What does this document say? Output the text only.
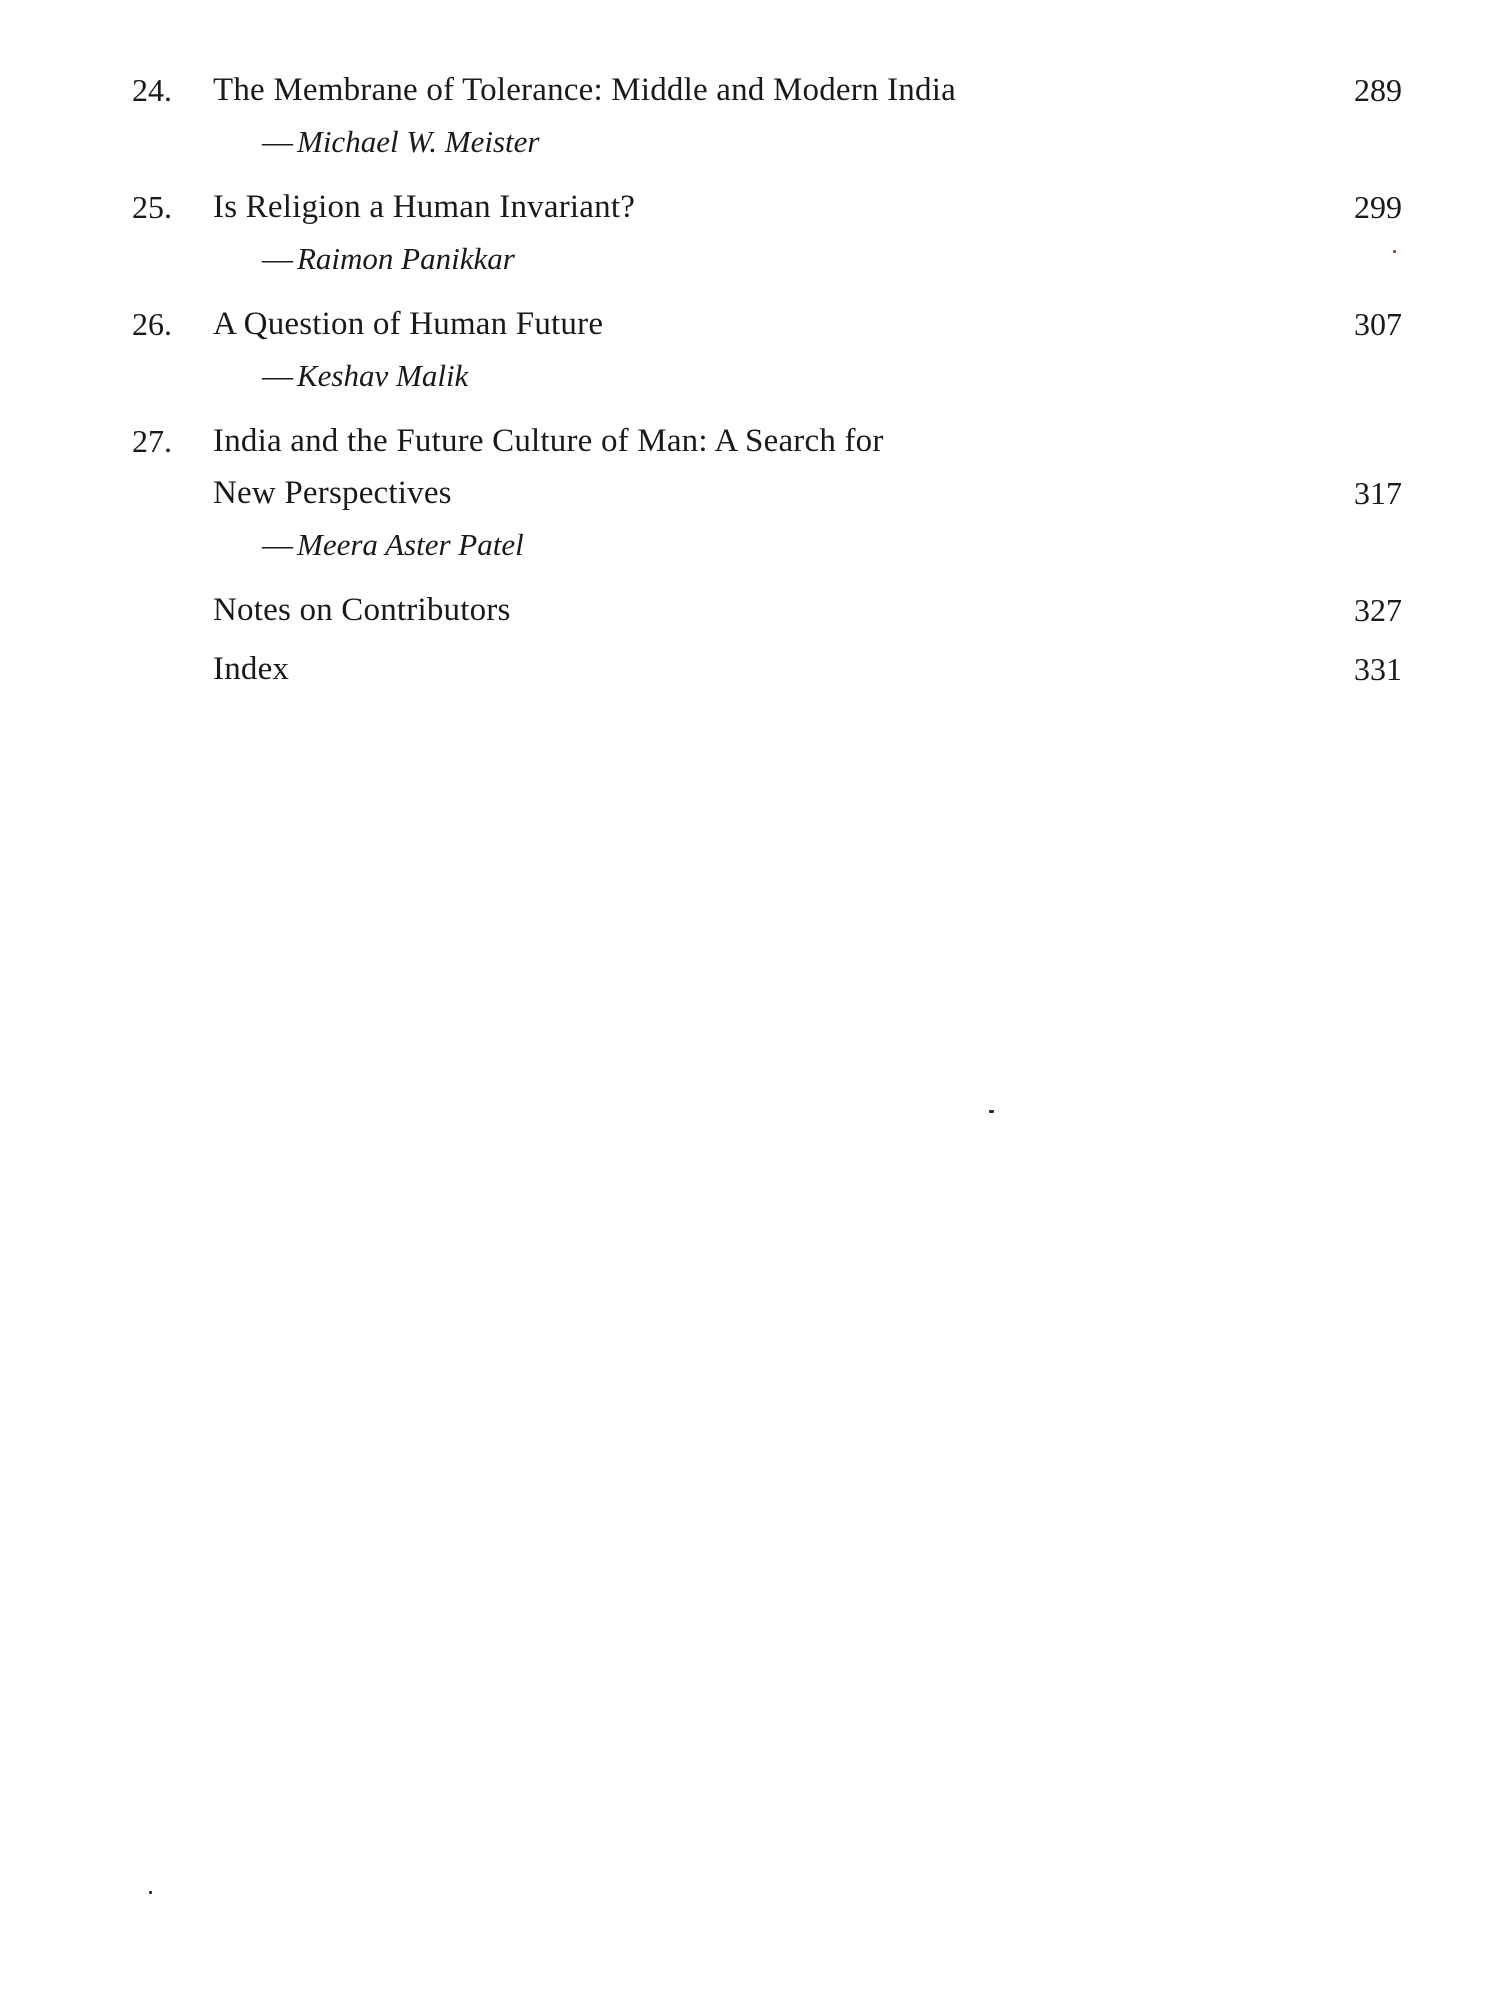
24. The Membrane of Tolerance: Middle and Modern India	289
— Michael W. Meister
25. Is Religion a Human Invariant?	299
— Raimon Panikkar
26. A Question of Human Future	307
— Keshav Malik
27. India and the Future Culture of Man: A Search for
New Perspectives	317
— Meera Aster Patel
Notes on Contributors	327
Index	331
